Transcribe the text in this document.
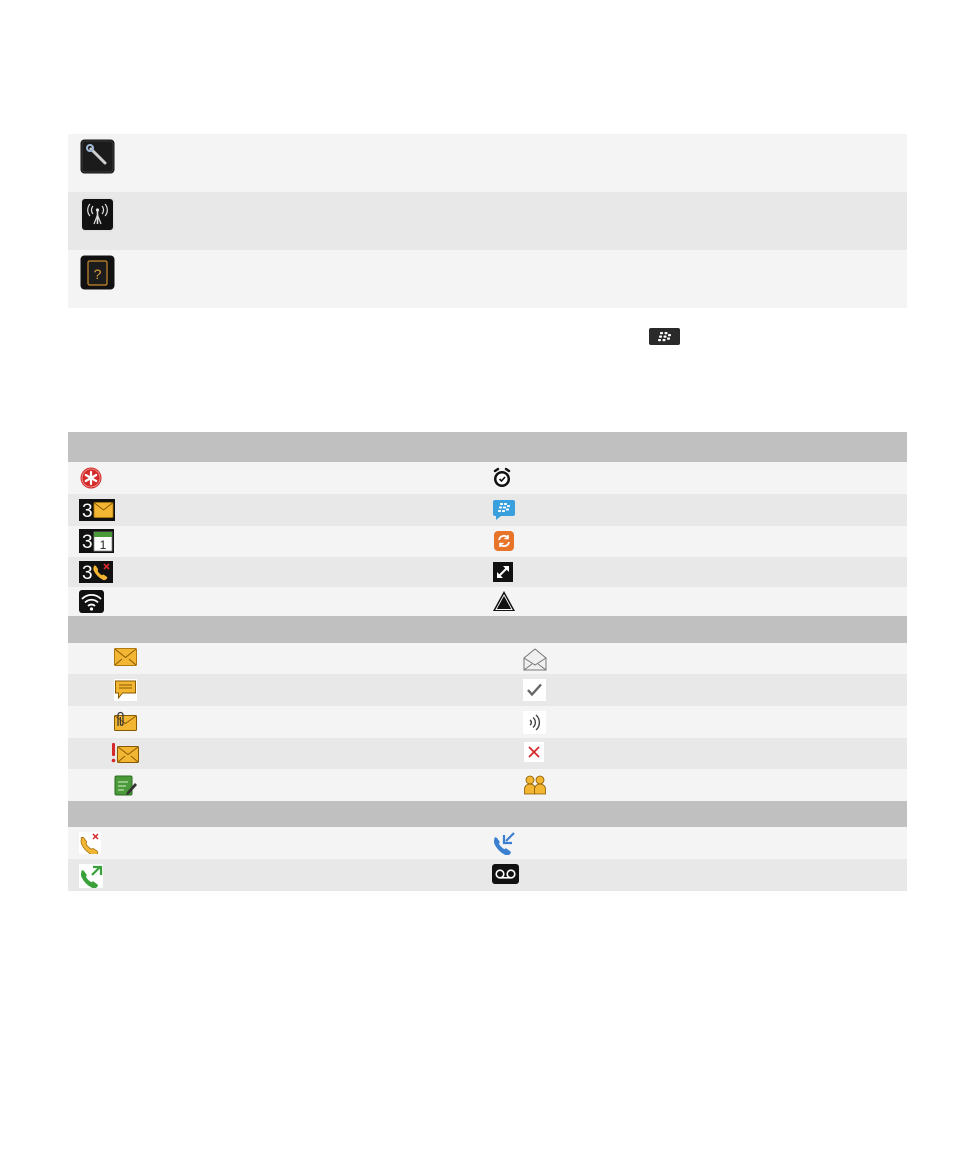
?
3
3 1
3
